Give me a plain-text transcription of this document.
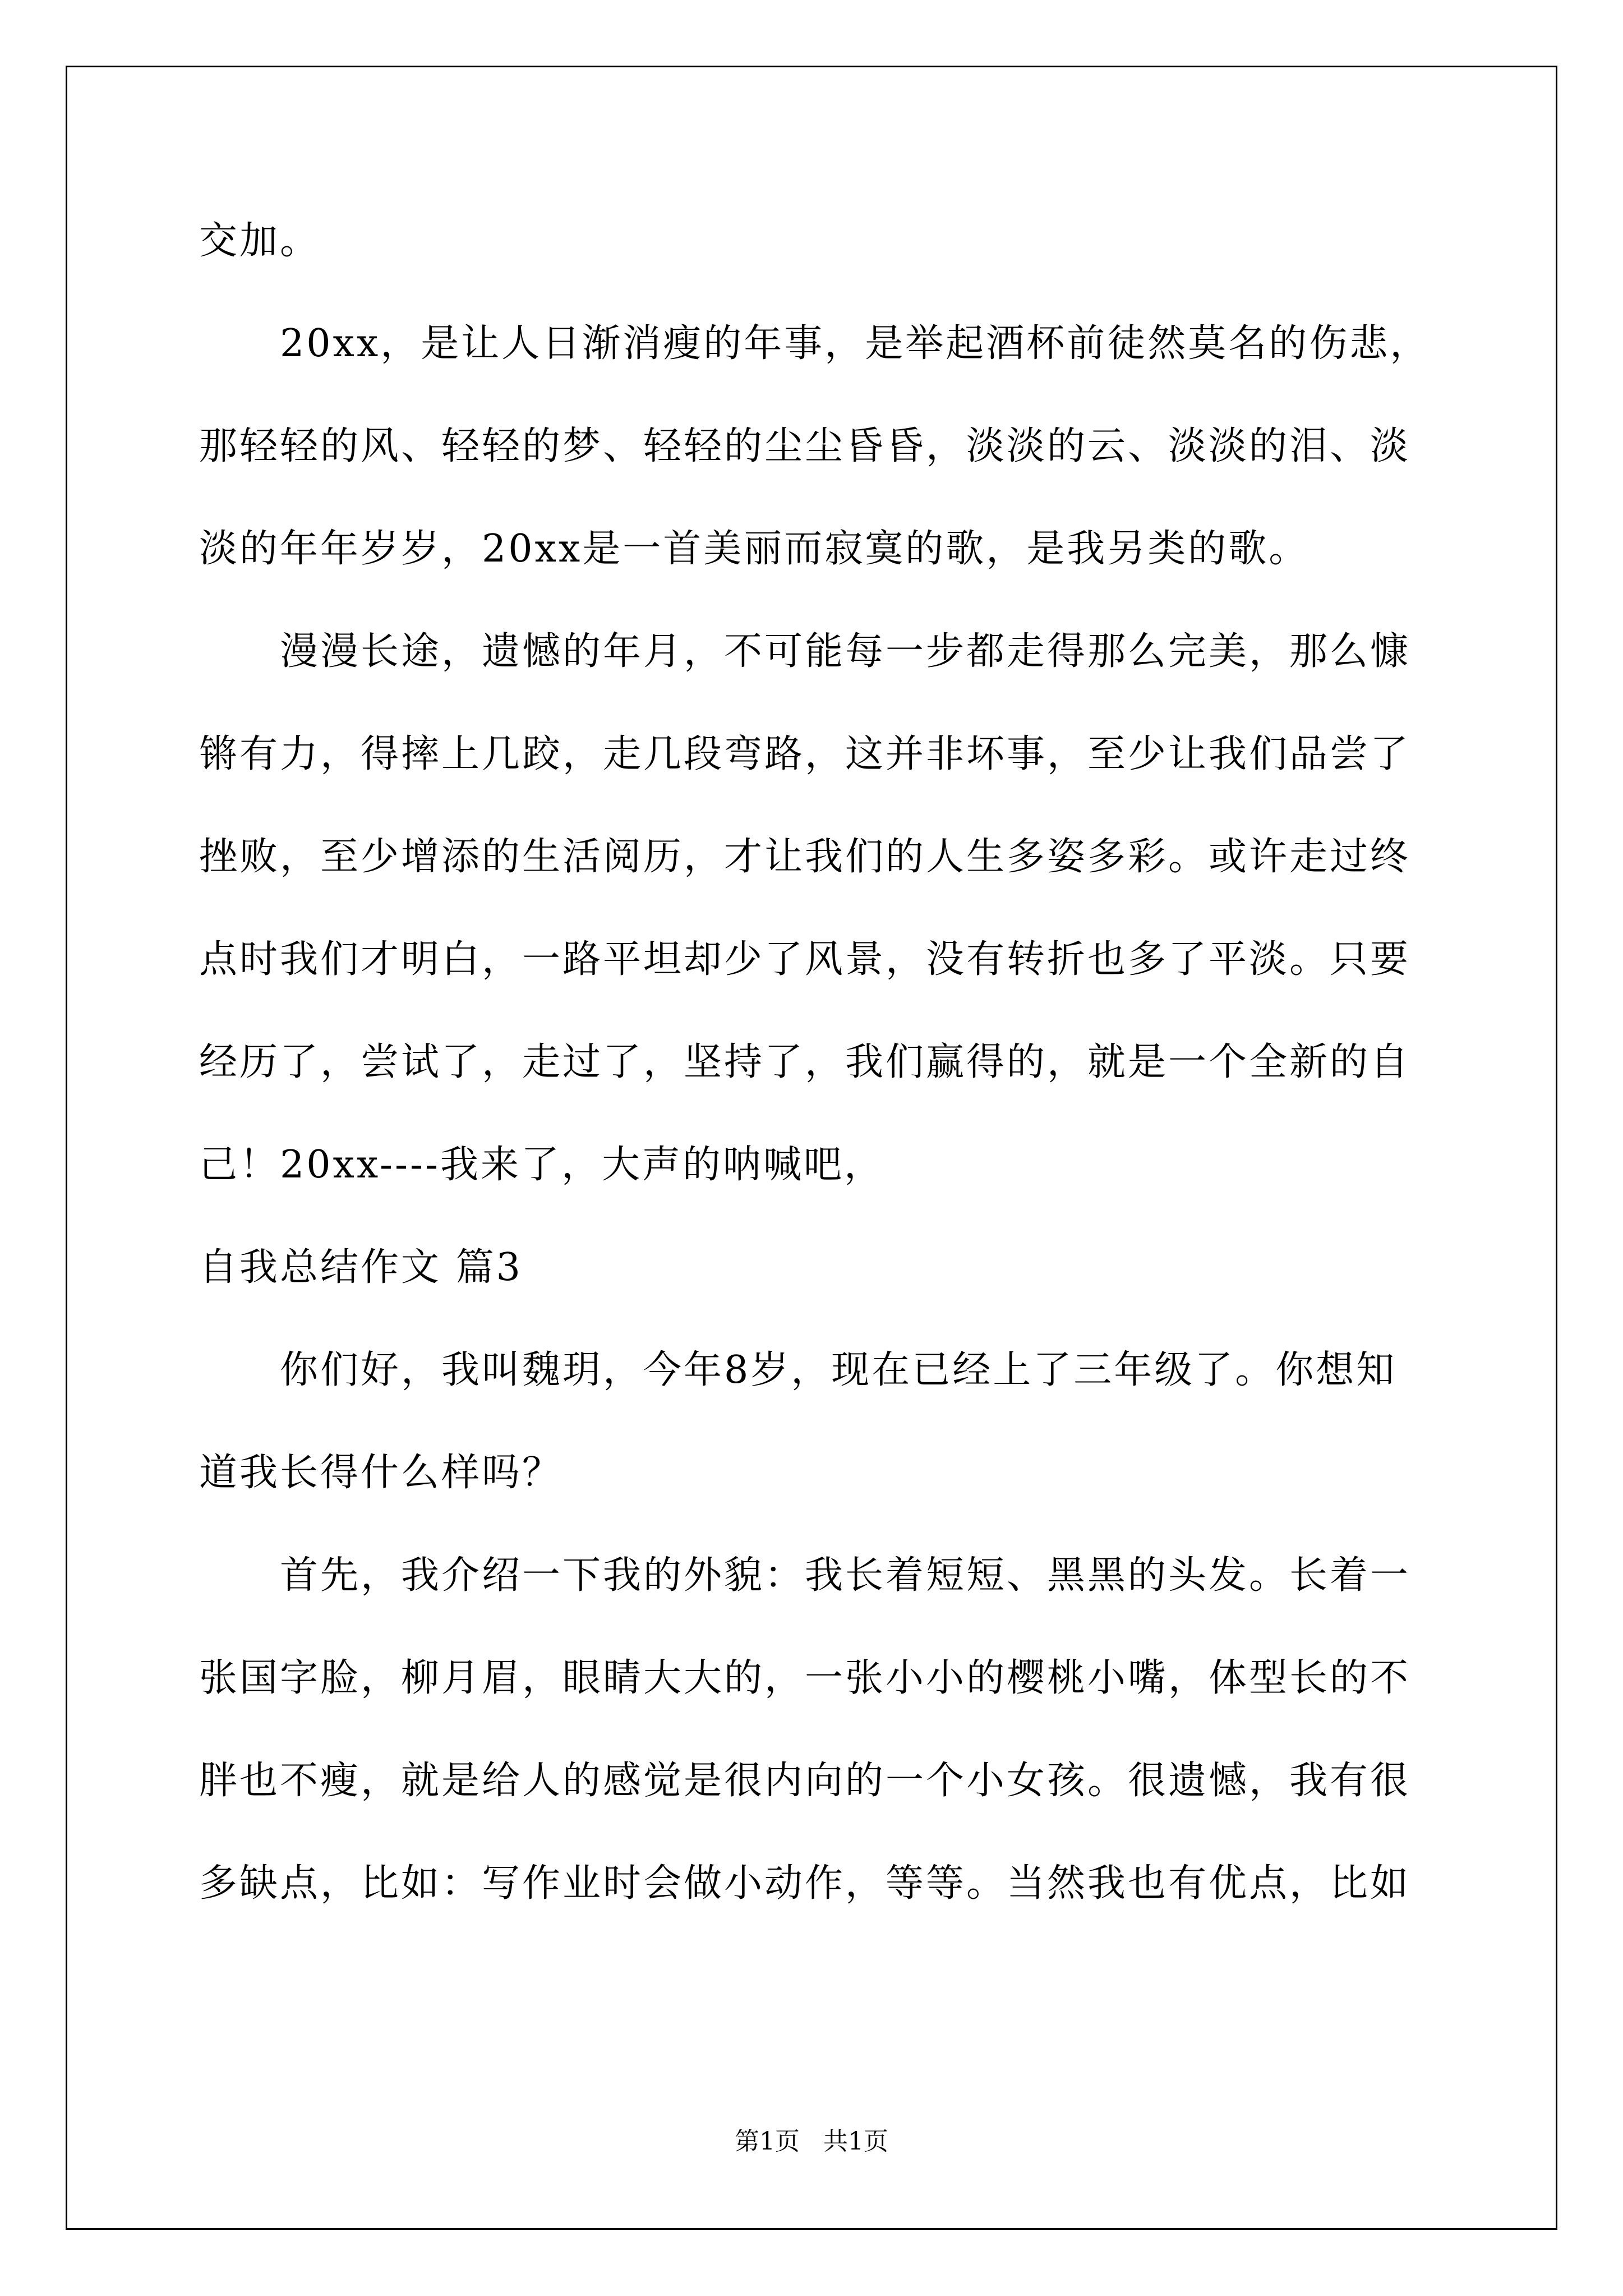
交加。
　　20xx，是让人日渐消瘦的年事，是举起酒杯前徒然莫名的伤悲，
那轻轻的风、轻轻的梦、轻轻的尘尘昏昏，淡淡的云、淡淡的泪、淡
淡的年年岁岁，20xx是一首美丽而寂寞的歌，是我另类的歌。
　　漫漫长途，遗憾的年月，不可能每一步都走得那么完美，那么慷
锵有力，得摔上几跤，走几段弯路，这并非坏事，至少让我们品尝了
挫败，至少增添的生活阅历，才让我们的人生多姿多彩。或许走过终
点时我们才明白，一路平坦却少了风景，没有转折也多了平淡。只要
经历了，尝试了，走过了，坚持了，我们赢得的，就是一个全新的自
己！20xx----我来了，大声的呐喊吧，
自我总结作文 篇3
　　你们好，我叫魏玥，今年8岁，现在已经上了三年级了。你想知
道我长得什么样吗？
　　首先，我介绍一下我的外貌：我长着短短、黑黑的头发。长着一
张国字脸，柳月眉，眼睛大大的，一张小小的樱桃小嘴，体型长的不
胖也不瘦，就是给人的感觉是很内向的一个小女孩。很遗憾，我有很
多缺点，比如：写作业时会做小动作，等等。当然我也有优点，比如
第1页   共1页
